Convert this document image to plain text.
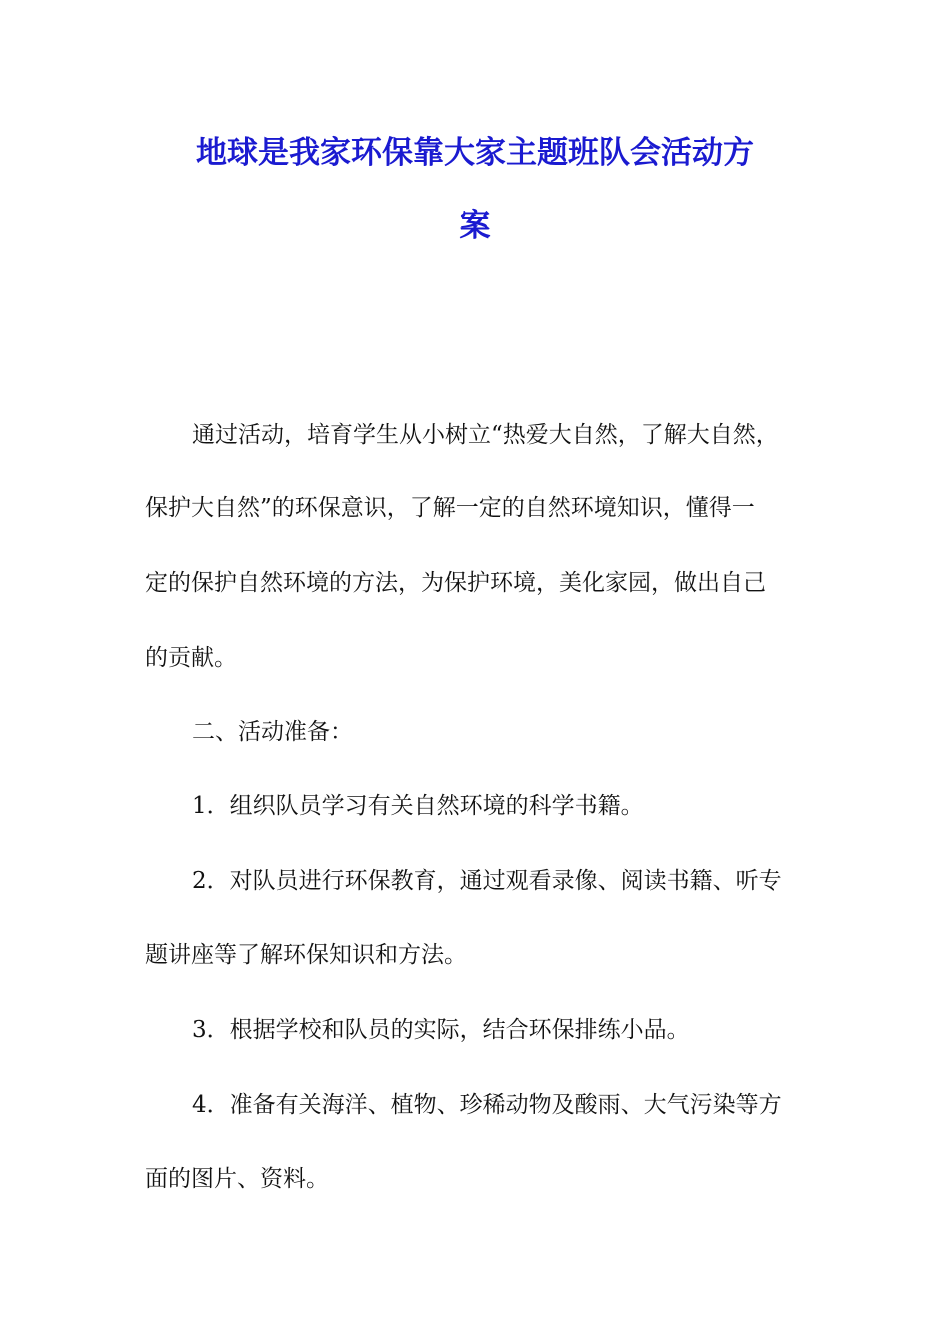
地球是我家环保靠大家主题班队会活动方
案
通过活动，培育学生从小树立“热爱大自然，了解大自然，
保护大自然”的环保意识，了解一定的自然环境知识，懂得一
定的保护自然环境的方法，为保护环境，美化家园，做出自己
的贡献。
二、活动准备：
1．组织队员学习有关自然环境的科学书籍。
2．对队员进行环保教育，通过观看录像、阅读书籍、听专
题讲座等了解环保知识和方法。
3．根据学校和队员的实际，结合环保排练小品。
4．准备有关海洋、植物、珍稀动物及酸雨、大气污染等方
面的图片、资料。
